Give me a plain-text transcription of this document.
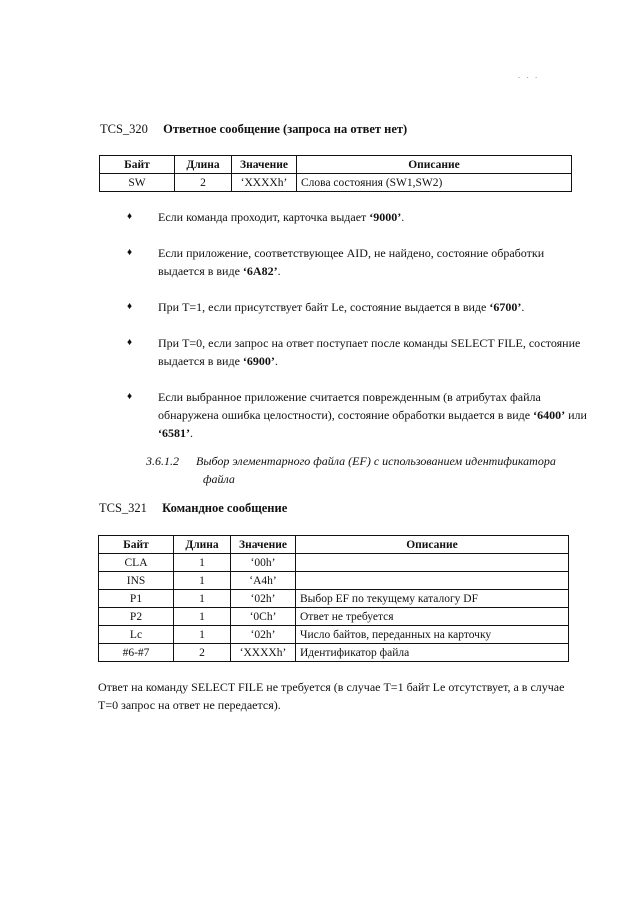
. . .
TCS_320 Ответное сообщение (запроса на ответ нет)
Байт	Длина	Значение	Описание
SW	2	‘XXXXh’	Слова состояния (SW1,SW2)
♦ Если команда проходит, карточка выдает ‘9000’.
♦ Если приложение, соответствующее AID, не найдено, состояние обработки выдается в виде ‘6A82’.
♦ При T=1, если присутствует байт Le, состояние выдается в виде ‘6700’.
♦ При T=0, если запрос на ответ поступает после команды SELECT FILE, состояние выдается в виде ‘6900’.
♦ Если выбранное приложение считается поврежденным (в атрибутах файла обнаружена ошибка целостности), состояние обработки выдается в виде ‘6400’ или ‘6581’.
3.6.1.2 Выбор элементарного файла (EF) с использованием идентификатора
файла
TCS_321 Командное сообщение
Байт	Длина	Значение	Описание
CLA	1	‘00h’	
INS	1	‘A4h’	
P1	1	‘02h’	Выбор EF по текущему каталогу DF
P2	1	‘0Ch’	Ответ не требуется
Lc	1	‘02h’	Число байтов, переданных на карточку
#6-#7	2	‘XXXXh’	Идентификатор файла
Ответ на команду SELECT FILE не требуется (в случае T=1 байт Le отсутствует, а в случае T=0 запрос на ответ не передается).
